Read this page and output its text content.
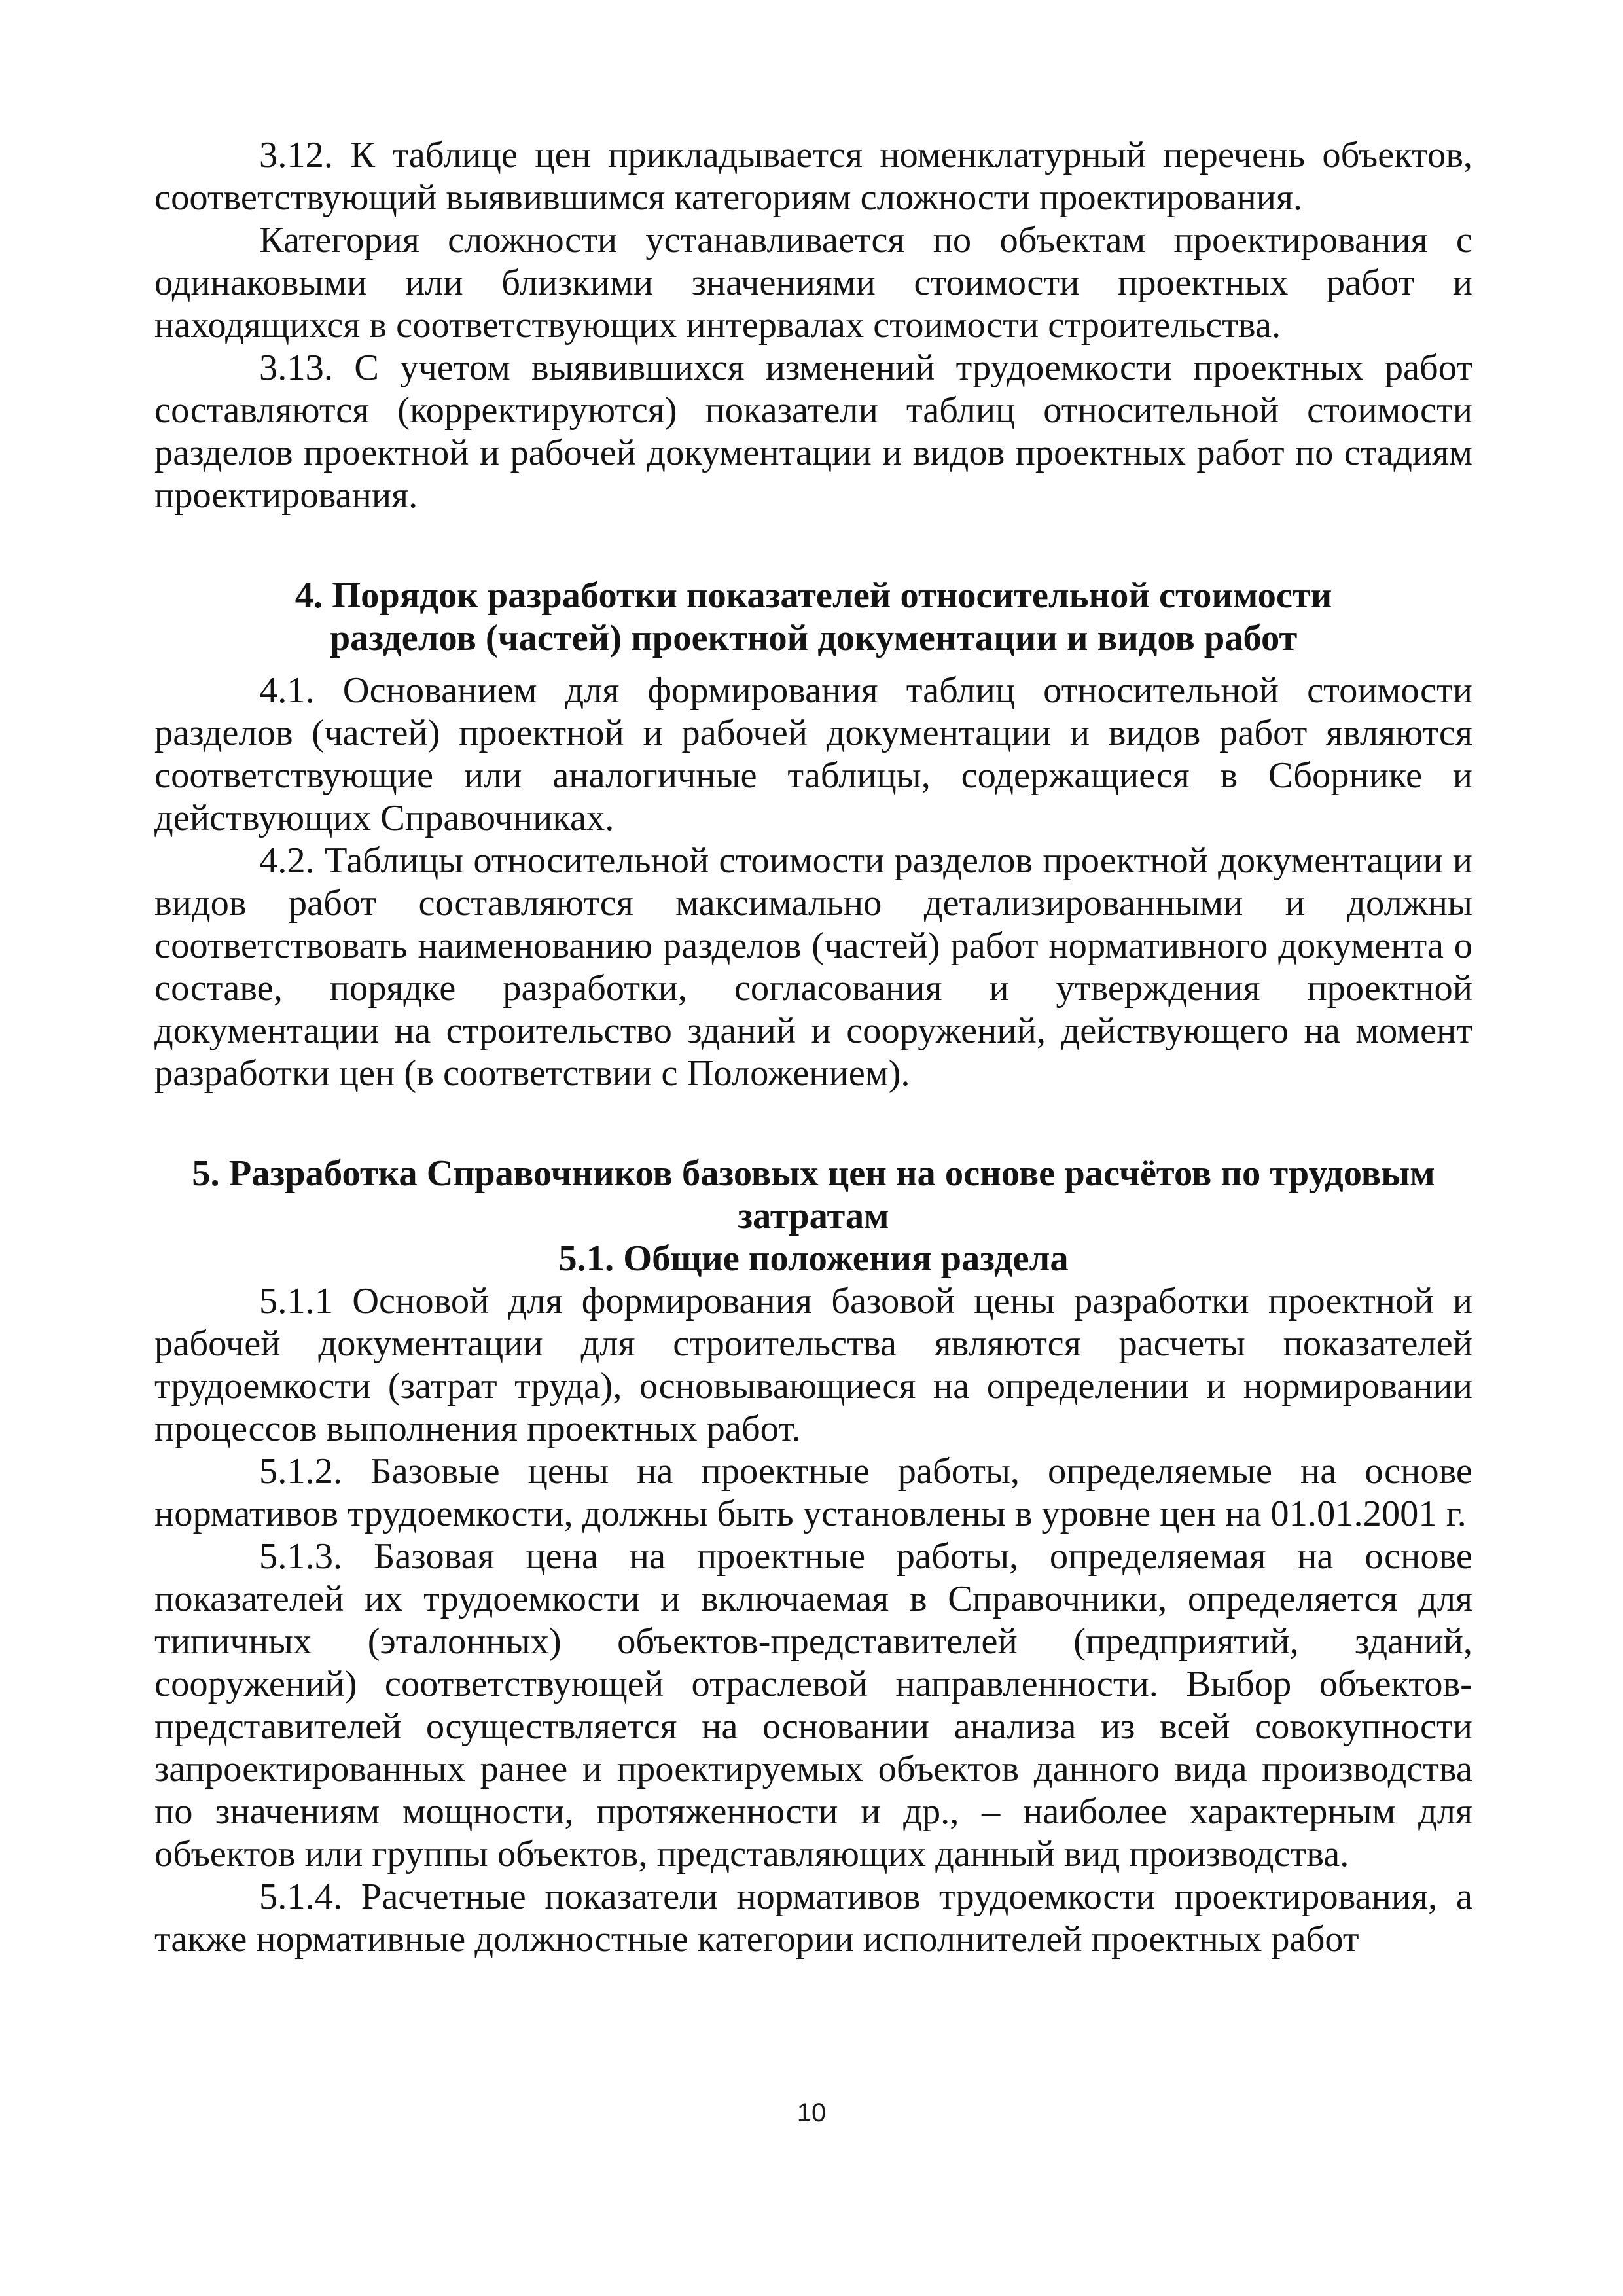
3.12. К таблице цен прикладывается номенклатурный перечень объектов, соответствующий выявившимся категориям сложности проектирования.

Категория сложности устанавливается по объектам проектирования с одинаковыми или близкими значениями стоимости проектных работ и находящихся в соответствующих интервалах стоимости строительства.

3.13. С учетом выявившихся изменений трудоемкости проектных работ составляются (корректируются) показатели таблиц относительной стоимости разделов проектной и рабочей документации и видов проектных работ по стадиям проектирования.

4. Порядок разработки показателей относительной стоимости

разделов (частей) проектной документации и видов работ

4.1. Основанием для формирования таблиц относительной стоимости разделов (частей) проектной и рабочей документации и видов работ являются соответствующие или аналогичные таблицы, содержащиеся в Сборнике и действующих Справочниках.

4.2. Таблицы относительной стоимости разделов проектной документации и видов работ составляются максимально детализированными и должны соответствовать наименованию разделов (частей) работ нормативного документа о составе, порядке разработки, согласования и утверждения проектной документации на строительство зданий и сооружений, действующего на момент разработки цен (в соответствии с Положением).

5. Разработка Справочников базовых цен на основе расчётов по трудовым затратам

5.1. Общие положения раздела

5.1.1 Основой для формирования базовой цены разработки проектной и рабочей документации для строительства являются расчеты показателей трудоемкости (затрат труда), основывающиеся на определении и нормировании процессов выполнения проектных работ.

5.1.2. Базовые цены на проектные работы, определяемые на основе нормативов трудоемкости, должны быть установлены в уровне цен на 01.01.2001 г.

5.1.3. Базовая цена на проектные работы, определяемая на основе показателей их трудоемкости и включаемая в Справочники, определяется для типичных (эталонных) объектов-представителей (предприятий, зданий, сооружений) соответствующей отраслевой направленности. Выбор объектов-представителей осуществляется на основании анализа из всей совокупности запроектированных ранее и проектируемых объектов данного вида производства по значениям мощности, протяженности и др., – наиболее характерным для объектов или группы объектов, представляющих данный вид производства.

5.1.4. Расчетные показатели нормативов трудоемкости проектирования, а также нормативные должностные категории исполнителей проектных работ

10
